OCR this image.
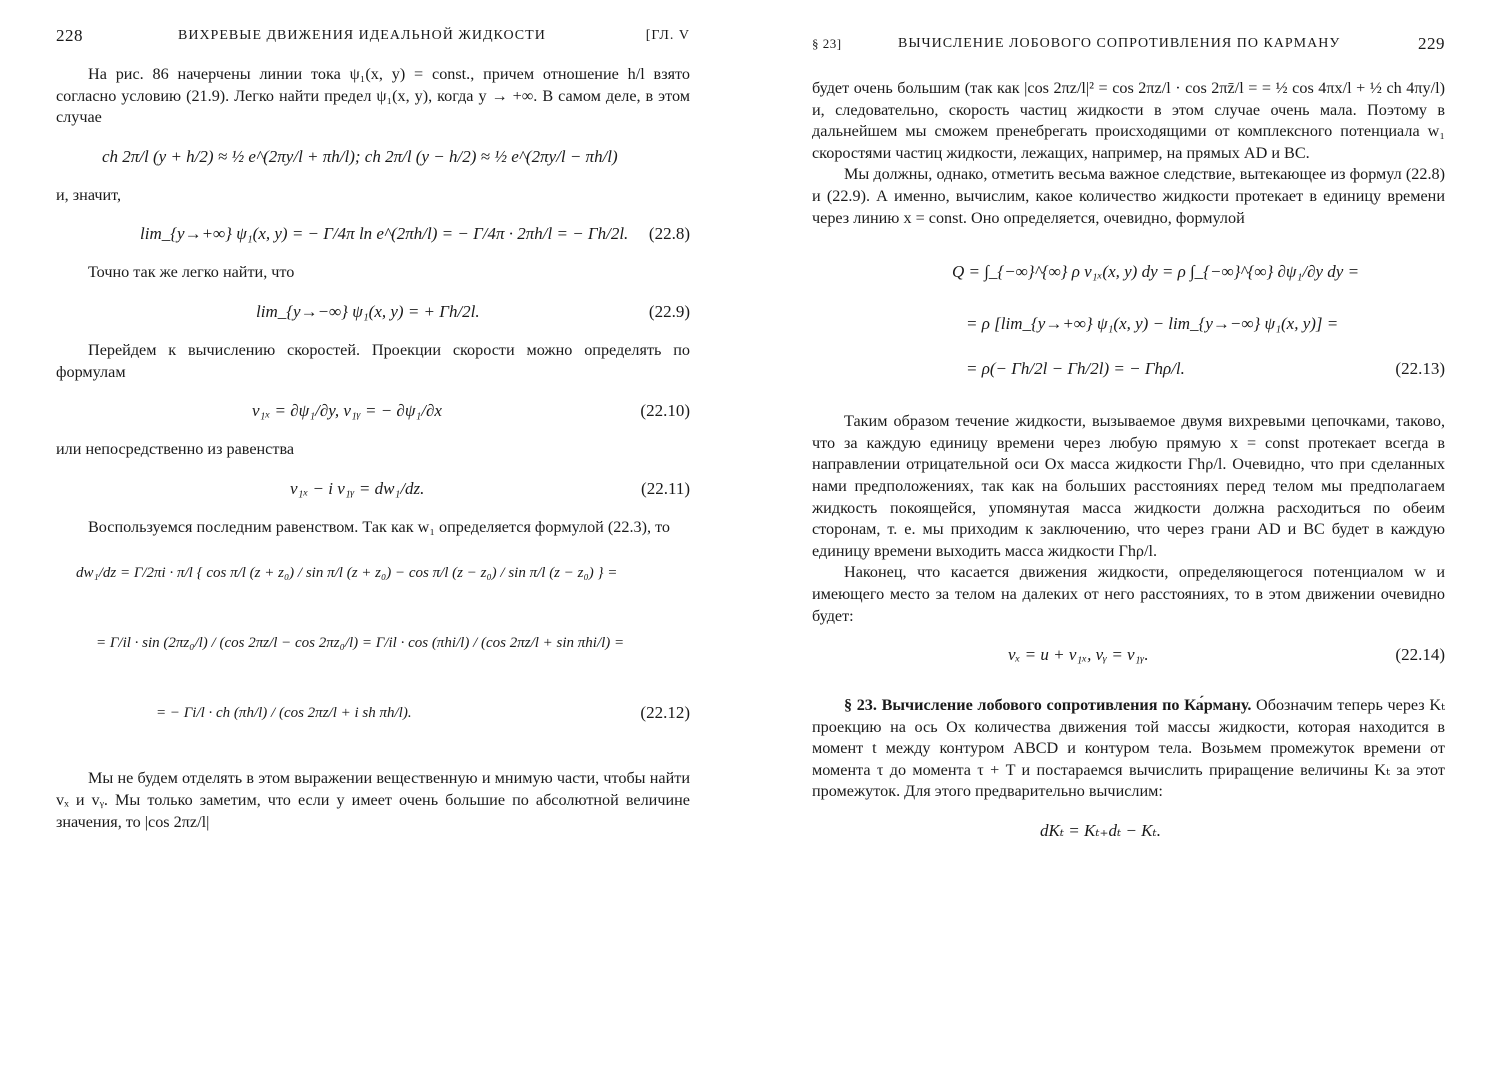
228	ВИХРЕВЫЕ ДВИЖЕНИЯ ИДЕАЛЬНОЙ ЖИДКОСТИ	[ГЛ. V

На рис. 86 начерчены линии тока ψ₁(x, y) = const., причем отношение h/l взято согласно условию (21.9). Легко найти предел ψ₁(x, y), когда y → +∞. В самом деле, в этом случае

ch 2π/l (y + h/2) ≈ ½ e^(2πy/l + πh/l); ch 2π/l (y − h/2) ≈ ½ e^(2πy/l − πh/l)

и, значит,

lim_{y→+∞} ψ₁(x, y) = − Γ/4π ln e^(2πh/l) = − Γ/4π · 2πh/l = − Γh/2l. (22.8)

Точно так же легко найти, что

lim_{y→−∞} ψ₁(x, y) = + Γh/2l.	(22.9)

Перейдем к вычислению скоростей. Проекции скорости можно определять по формулам

v₁ₓ = ∂ψ₁/∂y, v₁ᵧ = − ∂ψ₁/∂x	(22.10)

или непосредственно из равенства

v₁ₓ − i v₁ᵧ = dw₁/dz.	(22.11)

Воспользуемся последним равенством. Так как w₁ определяется формулой (22.3), то

dw₁/dz = Γ/2πi · π/l { cos π/l (z + z₀) / sin π/l (z + z₀) − cos π/l (z − z₀) / sin π/l (z − z₀) } =
= Γ/il · sin (2πz₀/l) / (cos 2πz/l − cos 2πz₀/l) = Γ/il · cos (πhi/l) / (cos 2πz/l + sin πhi/l) =
= − Γi/l · ch (πh/l) / (cos 2πz/l + i sh πh/l).	(22.12)

Мы не будем отделять в этом выражении вещественную и мнимую части, чтобы найти vₓ и vᵧ. Мы только заметим, что если y имеет очень большие по абсолютной величине значения, то |cos 2πz/l|

§ 23]	ВЫЧИСЛЕНИЕ ЛОБОВОГО СОПРОТИВЛЕНИЯ ПО КАРМАНУ	229

будет очень большим (так как |cos 2πz/l|² = cos 2πz/l · cos 2πz̄/l = = ½ cos 4πx/l + ½ ch 4πy/l) и, следовательно, скорость частиц жидкости в этом случае очень мала. Поэтому в дальнейшем мы сможем пренебрегать происходящими от комплексного потенциала w₁ скоростями частиц жидкости, лежащих, например, на прямых AD и BC.

Мы должны, однако, отметить весьма важное следствие, вытекающее из формул (22.8) и (22.9). А именно, вычислим, какое количество жидкости протекает в единицу времени через линию x = const. Оно определяется, очевидно, формулой

Q = ∫_{−∞}^{∞} ρ v₁ₓ(x, y) dy = ρ ∫_{−∞}^{∞} ∂ψ₁/∂y dy =
= ρ [lim_{y→+∞} ψ₁(x, y) − lim_{y→−∞} ψ₁(x, y)] =
= ρ(− Γh/2l − Γh/2l) = − Γhρ/l.	(22.13)

Таким образом течение жидкости, вызываемое двумя вихревыми цепочками, таково, что за каждую единицу времени через любую прямую x = const протекает всегда в направлении отрицательной оси Ox масса жидкости Γhρ/l. Очевидно, что при сделанных нами предположениях, так как на больших расстояниях перед телом мы предполагаем жидкость покоящейся, упомянутая масса жидкости должна расходиться по обеим сторонам, т. е. мы приходим к заключению, что через грани AD и BC будет в каждую единицу времени выходить масса жидкости Γhρ/l.

Наконец, что касается движения жидкости, определяющегося потенциалом w и имеющего место за телом на далеких от него расстояниях, то в этом движении очевидно будет:

vₓ = u + v₁ₓ, vᵧ = v₁ᵧ.	(22.14)

§ 23. Вычисление лобового сопротивления по Ка́рману. Обозначим теперь через Kₜ проекцию на ось Ox количества движения той массы жидкости, которая находится в момент t между контуром ABCD и контуром тела. Возьмем промежуток времени от момента τ до момента τ + T и постараемся вычислить приращение величины Kₜ за этот промежуток. Для этого предварительно вычислим:

dKₜ = Kₜ₊dₜ − Kₜ.
